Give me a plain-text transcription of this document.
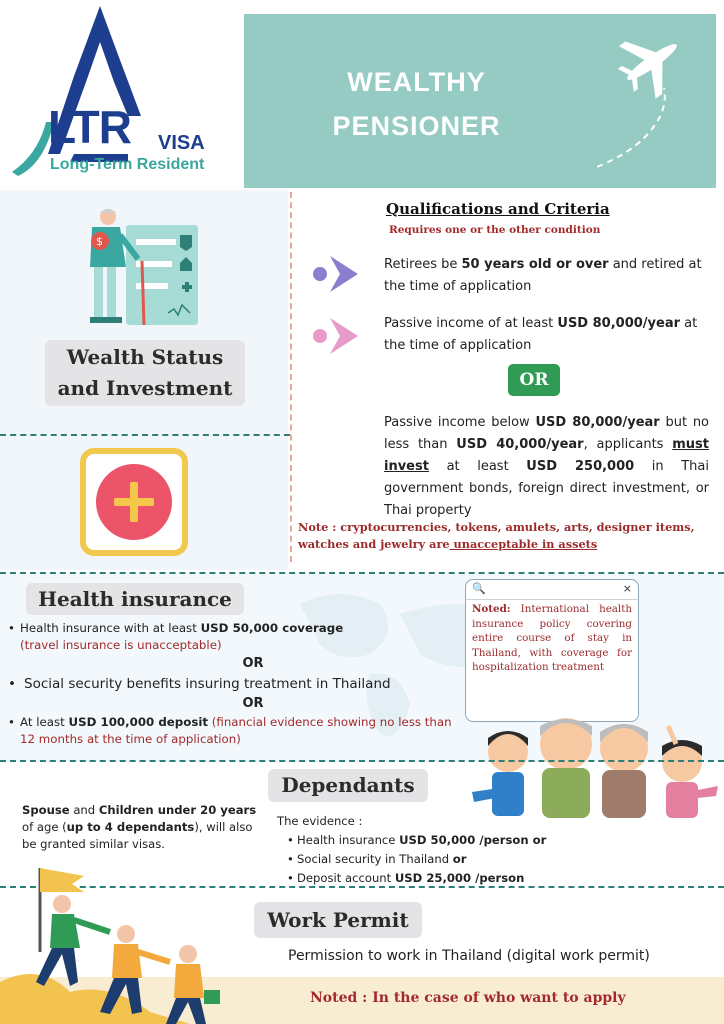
LTR VISA
Long-Term Resident
WEALTHY
PENSIONER
$
Wealth Status and Investment
Qualifications and Criteria
Requires one or the other condition
Retirees be 50 years old or over and retired at the time of application
Passive income of at least USD 80,000/year at the time of application
OR
Passive income below USD 80,000/year but no less than USD 40,000/year, applicants must invest at least USD 250,000 in Thai government bonds, foreign direct investment, or Thai property
Note : cryptocurrencies, tokens, amulets, arts, designer items, watches and jewelry are unacceptable in assets
Health insurance
• Health insurance with at least USD 50,000 coverage
(travel insurance is unacceptable)
OR
• Social security benefits insuring treatment in Thailand
OR
• At least USD 100,000 deposit (financial evidence showing no less than 12 months at the time of application)
🔍	×
Noted: International health insurance policy covering entire course of stay in Thailand, with coverage for hospitalization treatment
Dependants
Spouse and Children under 20 years of age (up to 4 dependants), will also be granted similar visas.
The evidence :
• Health insurance USD 50,000 /person or
• Social security in Thailand or
• Deposit account USD 25,000 /person
Noted : In the case of who want to apply
Work Permit
Permission to work in Thailand (digital work permit)
